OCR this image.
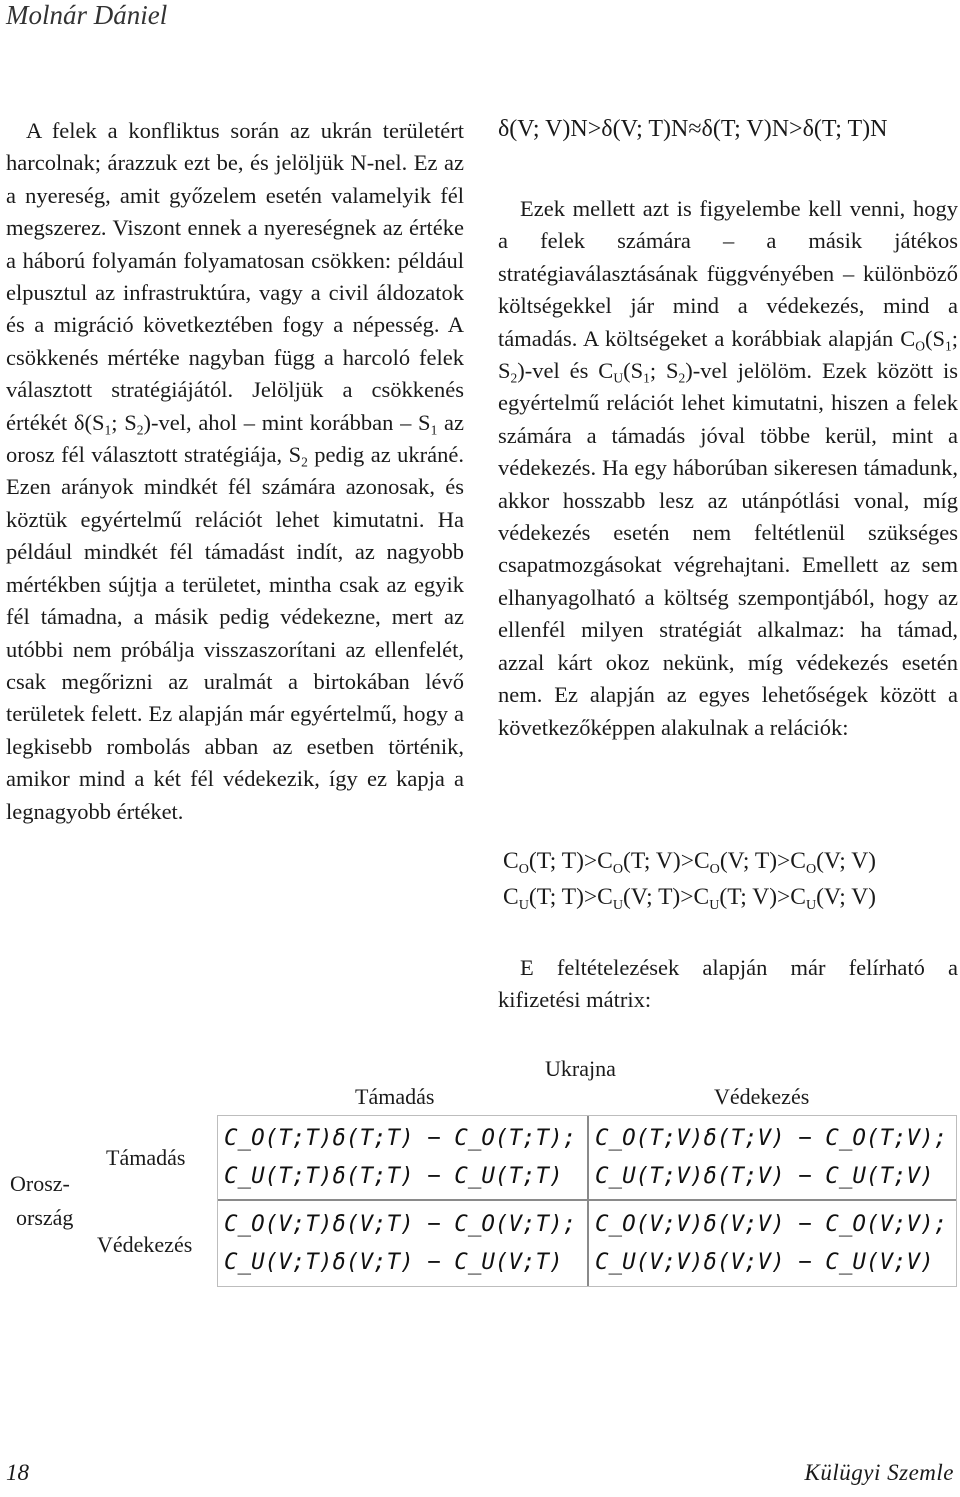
Molnár Dániel

A felek a konfliktus során az ukrán területért harcolnak; árazzuk ezt be, és jelöljük N-nel. Ez az a nyereség, amit győzelem esetén valamelyik fél megszerez. Viszont ennek a nyereségnek az értéke a háború folyamán folyamatosan csökken: például elpusztul az infrastruktúra, vagy a civil áldozatok és a migráció következtében fogy a népesség. A csökkenés mértéke nagyban függ a harcoló felek választott stratégiájától. Jelöljük a csökkenés értékét $\delta(S_1$; $S_2$)-vel, ahol – mint korábban – $S_1$ az orosz fél választott stratégiája, $S_2$ pedig az ukráné. Ezen arányok mindkét fél számára azonosak, és köztük egyértelmű relációt lehet kimutatni. Ha például mindkét fél támadást indít, az nagyobb mértékben sújtja a területet, mintha csak az egyik fél támadna, a másik pedig védekezne, mert az utóbbi nem próbálja visszaszorítani az ellenfelét, csak megőrizni az uralmát a birtokában lévő területek felett. Ez alapján már egyértelmű, hogy a legkisebb rombolás abban az esetben történik, amikor mind a két fél védekezik, így ez kapja a legnagyobb értéket.

δ(V; V)N>δ(V; T)N≈δ(T; V)N>δ(T; T)N

Ezek mellett azt is figyelembe kell venni, hogy a felek számára – a másik játékos stratégiaválasztásának függvényében – különböző költségekkel jár mind a védekezés, mind a támadás. A költségeket a korábbiak alapján $C_O(S_1$; $S_2$)-vel és $C_U(S_1$; $S_2$)-vel jelölöm. Ezek között is egyértelmű relációt lehet kimutatni, hiszen a felek számára a támadás jóval többe kerül, mint a védekezés. Ha egy háborúban sikeresen támadunk, akkor hosszabb lesz az utánpótlási vonal, míg védekezés esetén nem feltétlenül szükséges csapatmozgásokat végrehajtani. Emellett az sem elhanyagolható a költség szempontjából, hogy az ellenfél milyen stratégiát alkalmaz: ha támad, azzal kárt okoz nekünk, míg védekezés esetén nem. Ez alapján az egyes lehetőségek között a következőképpen alakulnak a relációk:

$C_O(T$; $T)>C_O(T$; $V)>C_O(V$; $T)>C_O(V$; V)
$C_U(T$; $T)>C_U(V$; $T)>C_U(T$; $V)>C_U(V$; V)
E feltételezések alapján már felírható a kifizetési mátrix:
Ukrajna
Támadás	Védekezés
Orosz-
ország
Támadás
Védekezés
C_O(T;T)δ(T;T) − C_O(T;T); C_O(T;V)δ(T;V) − C_O(T;V);
C_U(T;T)δ(T;T) − C_U(T;T) C_U(T;V)δ(T;V) − C_U(T;V)
C_O(V;T)δ(V;T) − C_O(V;T); C_O(V;V)δ(V;V) − C_O(V;V);
C_U(V;T)δ(V;T) − C_U(V;T) C_U(V;V)δ(V;V) − C_U(V;V)
18	Külügyi Szemle
